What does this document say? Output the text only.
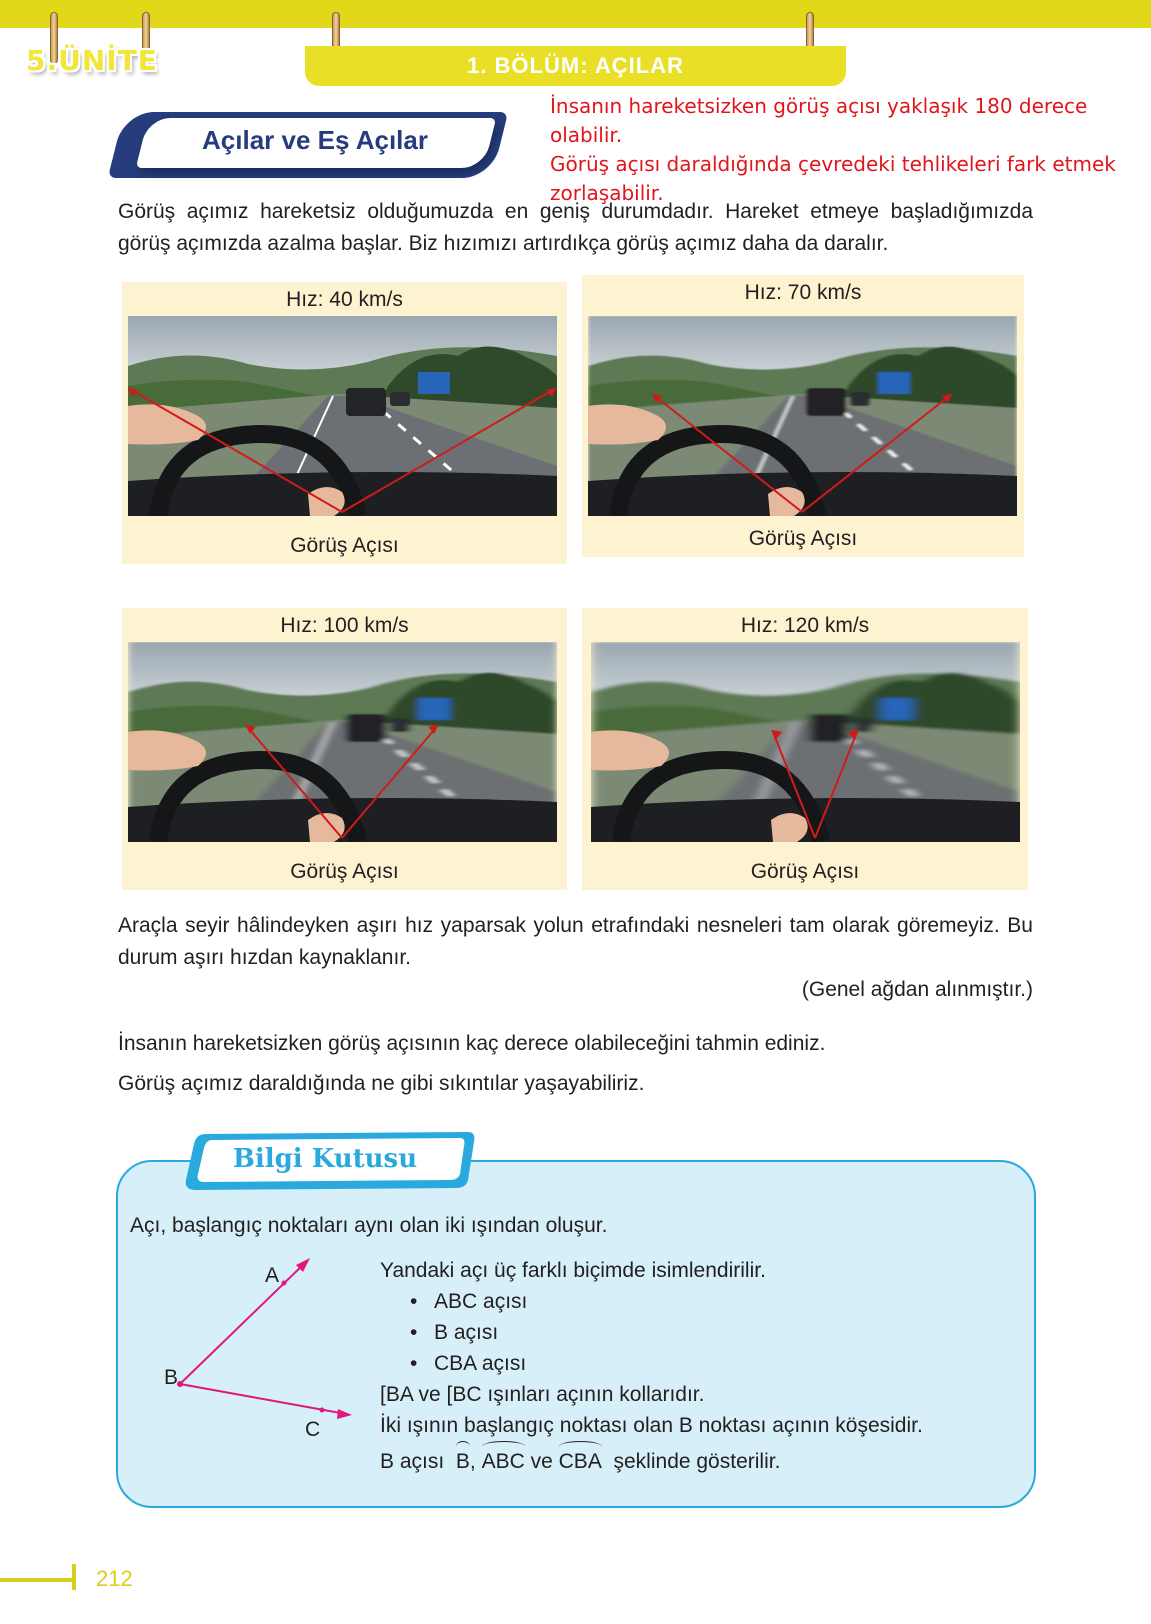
5.ÜNİTE	1. BÖLÜM: AÇILAR
Açılar ve Eş Açılar
İnsanın hareketsizken görüş açısı yaklaşık 180 derece olabilir.
Görüş açısı daraldığında çevredeki tehlikeleri fark etmek
zorlaşabilir.
Görüş açımız hareketsiz olduğumuzda en geniş durumdadır. Hareket etmeye başladığımızda görüş açımızda azalma başlar. Biz hızımızı artırdıkça görüş açımız daha da daralır.
Hız: 40 km/s
Görüş Açısı
Hız: 70 km/s
Görüş Açısı
Hız: 100 km/s
Görüş Açısı
Hız: 120 km/s
Görüş Açısı
Araçla seyir hâlindeyken aşırı hız yaparsak yolun etrafındaki nesneleri tam olarak göremeyiz. Bu durum aşırı hızdan kaynaklanır.
(Genel ağdan alınmıştır.)
İnsanın hareketsizken görüş açısının kaç derece olabileceğini tahmin ediniz.
Görüş açımız daraldığında ne gibi sıkıntılar yaşayabiliriz.
Bilgi Kutusu
Açı, başlangıç noktaları aynı olan iki ışından oluşur.
A
B
C
Yandaki açı üç farklı biçimde isimlendirilir.
• ABC açısı
• B açısı
• CBA açısı
[BA ve [BC ışınları açının kollarıdır.
İki ışının başlangıç noktası olan B noktası açının köşesidir.
B açısı B, ABC ve CBA şeklinde gösterilir.
212
